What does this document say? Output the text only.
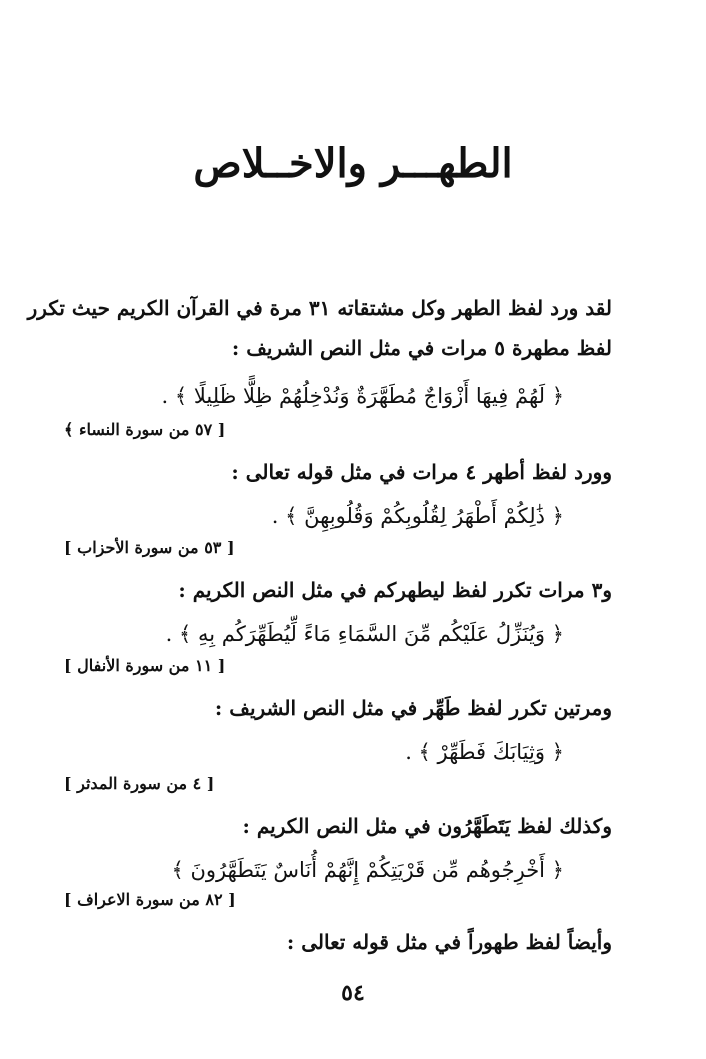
الطهـــر والاخــلاص
لقد ورد لفظ الطهر وكل مشتقاته ٣١ مرة في القرآن الكريم حيث تكرر
لفظ مطهرة ٥ مرات في مثل النص الشريف :
﴿ لَهُمْ فِيهَا أَزْوَاجٌ مُطَهَّرَةٌ وَنُدْخِلُهُمْ ظِلًّا ظَلِيلًا ﴾ .
[ ٥٧ من سورة النساء ﴾
وورد لفظ أطهر ٤ مرات في مثل قوله تعالى :
﴿ ذَٰلِكُمْ أَطْهَرُ لِقُلُوبِكُمْ وَقُلُوبِهِنَّ ﴾ .
[ ٥٣ من سورة الأحزاب ]
و٣ مرات تكرر لفظ ليطهركم في مثل النص الكريم :
﴿ وَيُنَزِّلُ عَلَيْكُم مِّنَ السَّمَاءِ مَاءً لِّيُطَهِّرَكُم بِهِ ﴾ .
[ ١١ من سورة الأنفال ]
ومرتين تكرر لفظ طَهِّر في مثل النص الشريف :
﴿ وَثِيَابَكَ فَطَهِّرْ ﴾ .
[ ٤ من سورة المدثر ]
وكذلك لفظ يَتَطَهَّرُون في مثل النص الكريم :
﴿ أَخْرِجُوهُم مِّن قَرْيَتِكُمْ إِنَّهُمْ أُنَاسٌ يَتَطَهَّرُونَ ﴾
[ ٨٢ من سورة الاعراف ]
وأيضاً لفظ طهوراً في مثل قوله تعالى :
٥٤
